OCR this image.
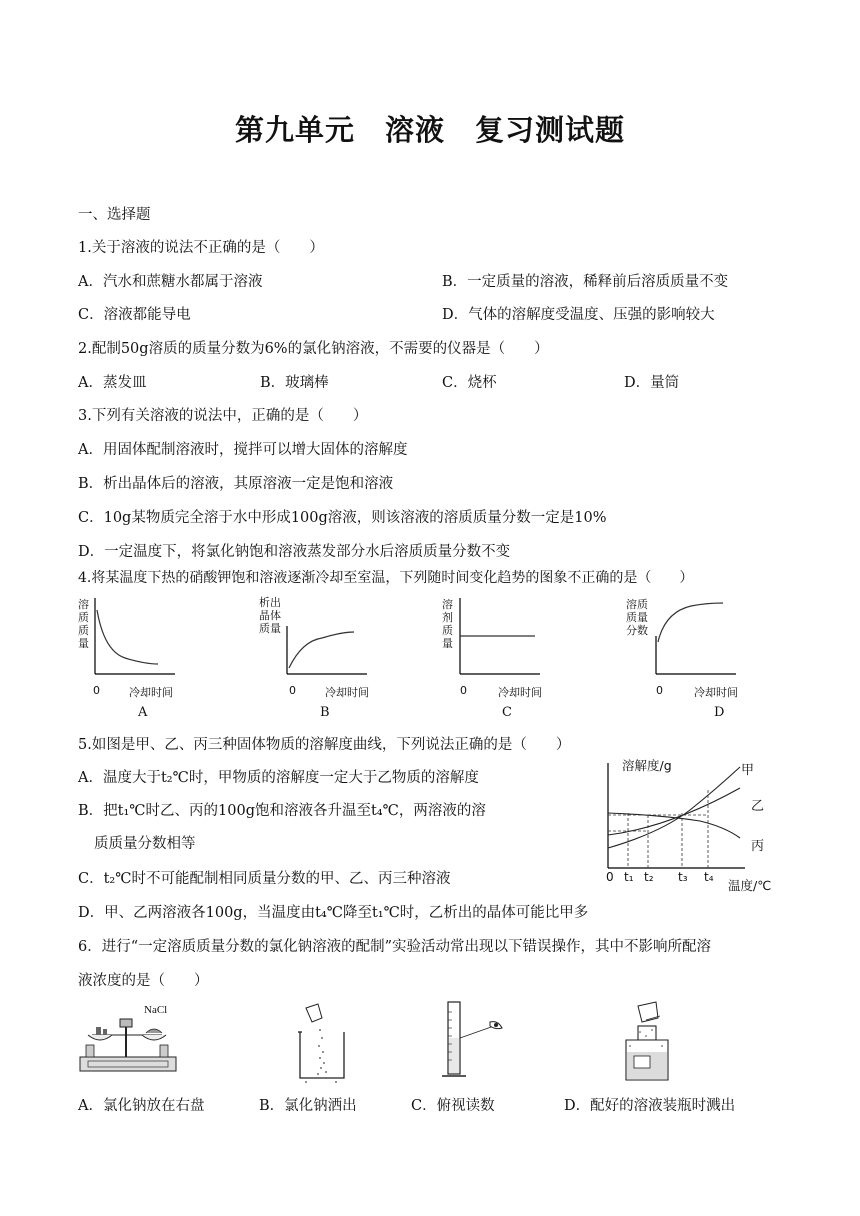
第九单元　溶液　复习测试题
一、选择题
1.关于溶液的说法不正确的是（　　）
A．汽水和蔗糖水都属于溶液	B．一定质量的溶液，稀释前后溶质质量不变
C．溶液都能导电	D．气体的溶解度受温度、压强的影响较大
2.配制50g溶质的质量分数为6%的氯化钠溶液，不需要的仪器是（　　）
A．蒸发皿	B．玻璃棒	C．烧杯	D．量筒
3.下列有关溶液的说法中，正确的是（　　）
A．用固体配制溶液时，搅拌可以增大固体的溶解度
B．析出晶体后的溶液，其原溶液一定是饱和溶液
C．10g某物质完全溶于水中形成100g溶液，则该溶液的溶质质量分数一定是10%
D．一定温度下，将氯化钠饱和溶液蒸发部分水后溶质质量分数不变
4.将某温度下热的硝酸钾饱和溶液逐渐冷却至室温，下列随时间变化趋势的图象不正确的是（　　）
溶
质
质
量
0	冷却时间
A
析出
晶体
质量
0	冷却时间
B
溶
剂
质
量
0	冷却时间
C
溶质
质量
分数
0	冷却时间
D
5.如图是甲、乙、丙三种固体物质的溶解度曲线，下列说法正确的是（　　）
A．温度大于t₂℃时，甲物质的溶解度一定大于乙物质的溶解度
B．把t₁℃时乙、丙的100g饱和溶液各升温至t₄℃，两溶液的溶
质质量分数相等
C．t₂℃时不可能配制相同质量分数的甲、乙、丙三种溶液
D．甲、乙两溶液各100g，当温度由t₄℃降至t₁℃时，乙析出的晶体可能比甲多
溶解度/g	甲
乙
丙
0 t₁ t₂ t₃ t₄
温度/℃
6．进行“一定溶质质量分数的氯化钠溶液的配制”实验活动常出现以下错误操作，其中不影响所配溶
液浓度的是（　　）
NaCl
A．氯化钠放在右盘	B．氯化钠洒出	C．俯视读数	D．配好的溶液装瓶时溅出
